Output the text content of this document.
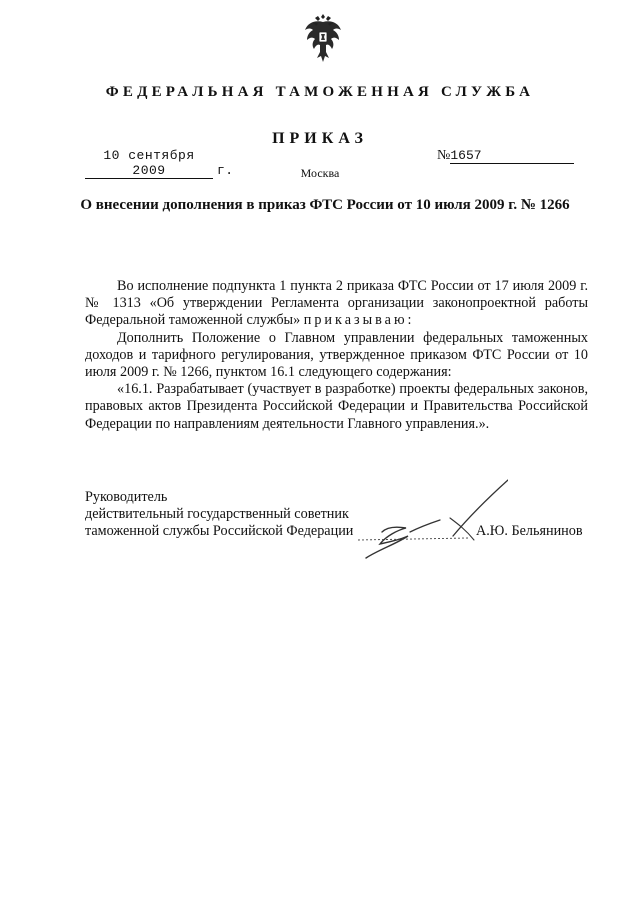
ФЕДЕРАЛЬНАЯ ТАМОЖЕННАЯ СЛУЖБА
ПРИКАЗ
10 сентября 2009	г.
№1657
Москва
О внесении дополнения в приказ ФТС России от 10 июля 2009 г. № 1266

Во исполнение подпункта 1 пункта 2 приказа ФТС России от 17 июля 2009 г. № 1313 «Об утверждении Регламента организации законопроектной работы Федеральной таможенной службы» приказываю:

Дополнить Положение о Главном управлении федеральных таможенных доходов и тарифного регулирования, утвержденное приказом ФТС России от 10 июля 2009 г. № 1266, пунктом 16.1 следующего содержания:

«16.1. Разрабатывает (участвует в разработке) проекты федеральных законов, правовых актов Президента Российской Федерации и Правительства Российской Федерации по направлениям деятельности Главного управления.».

Руководитель
действительный государственный советник
таможенной службы Российской Федерации	А.Ю. Бельянинов
